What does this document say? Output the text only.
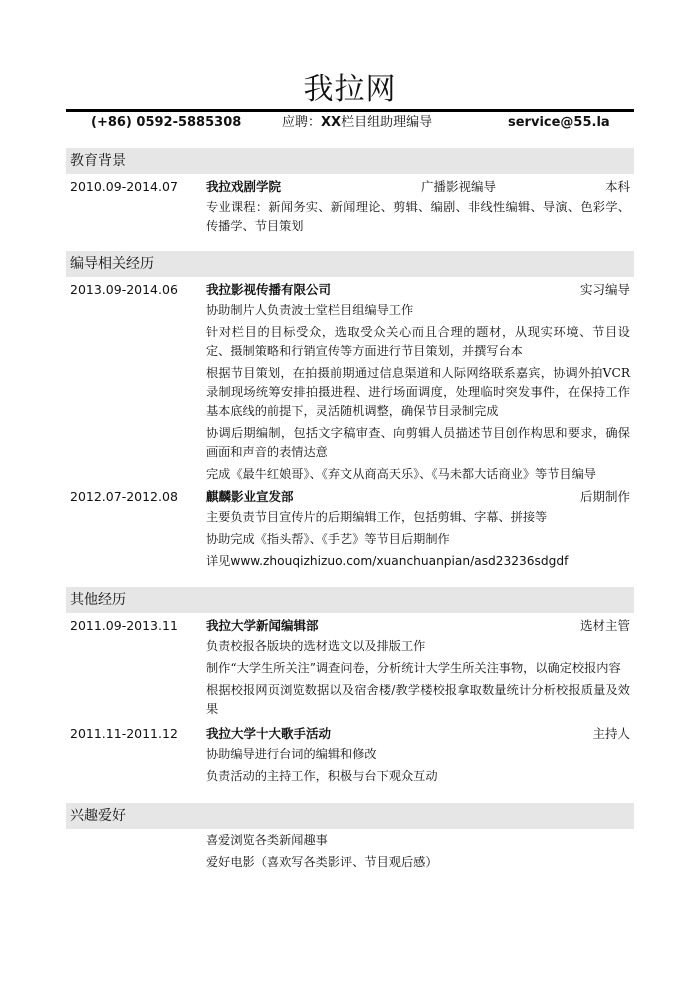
我拉网
(+86) 0592-5885308	应聘：XX栏目组助理编导	service@55.la
教育背景
2010.09-2014.07 我拉戏剧学院	广播影视编导	本科

专业课程：新闻务实、新闻理论、剪辑、编剧、非线性编辑、导演、色彩学、传播学、节目策划

编导相关经历
2013.09-2014.06 我拉影视传播有限公司	实习编导

协助制片人负责波士堂栏目组编导工作

针对栏目的目标受众，选取受众关心而且合理的题材，从现实环境、节目设定、摄制策略和行销宣传等方面进行节目策划，并撰写台本

根据节目策划，在拍摄前期通过信息渠道和人际网络联系嘉宾，协调外拍VCR录制现场统筹安排拍摄进程、进行场面调度，处理临时突发事件，在保持工作基本底线的前提下，灵活随机调整，确保节目录制完成

协调后期编制，包括文字稿审查、向剪辑人员描述节目创作构思和要求，确保画面和声音的表情达意

完成《最牛红娘哥》、《弃文从商高天乐》、《马未都大话商业》等节目编导

2012.07-2012.08 麒麟影业宣发部	后期制作

主要负责节目宣传片的后期编辑工作，包括剪辑、字幕、拼接等

协助完成《指头帮》、《手艺》等节目后期制作

详见www.zhouqizhizuo.com/xuanchuanpian/asd23236sdgdf

其他经历
2011.09-2013.11 我拉大学新闻编辑部	选材主管

负责校报各版块的选材选文以及排版工作

制作“大学生所关注”调查问卷，分析统计大学生所关注事物，以确定校报内容

根据校报网页浏览数据以及宿舍楼/教学楼校报拿取数量统计分析校报质量及效果

2011.11-2011.12 我拉大学十大歌手活动	主持人

协助编导进行台词的编辑和修改

负责活动的主持工作，积极与台下观众互动

兴趣爱好

喜爱浏览各类新闻趣事

爱好电影（喜欢写各类影评、节目观后感）
